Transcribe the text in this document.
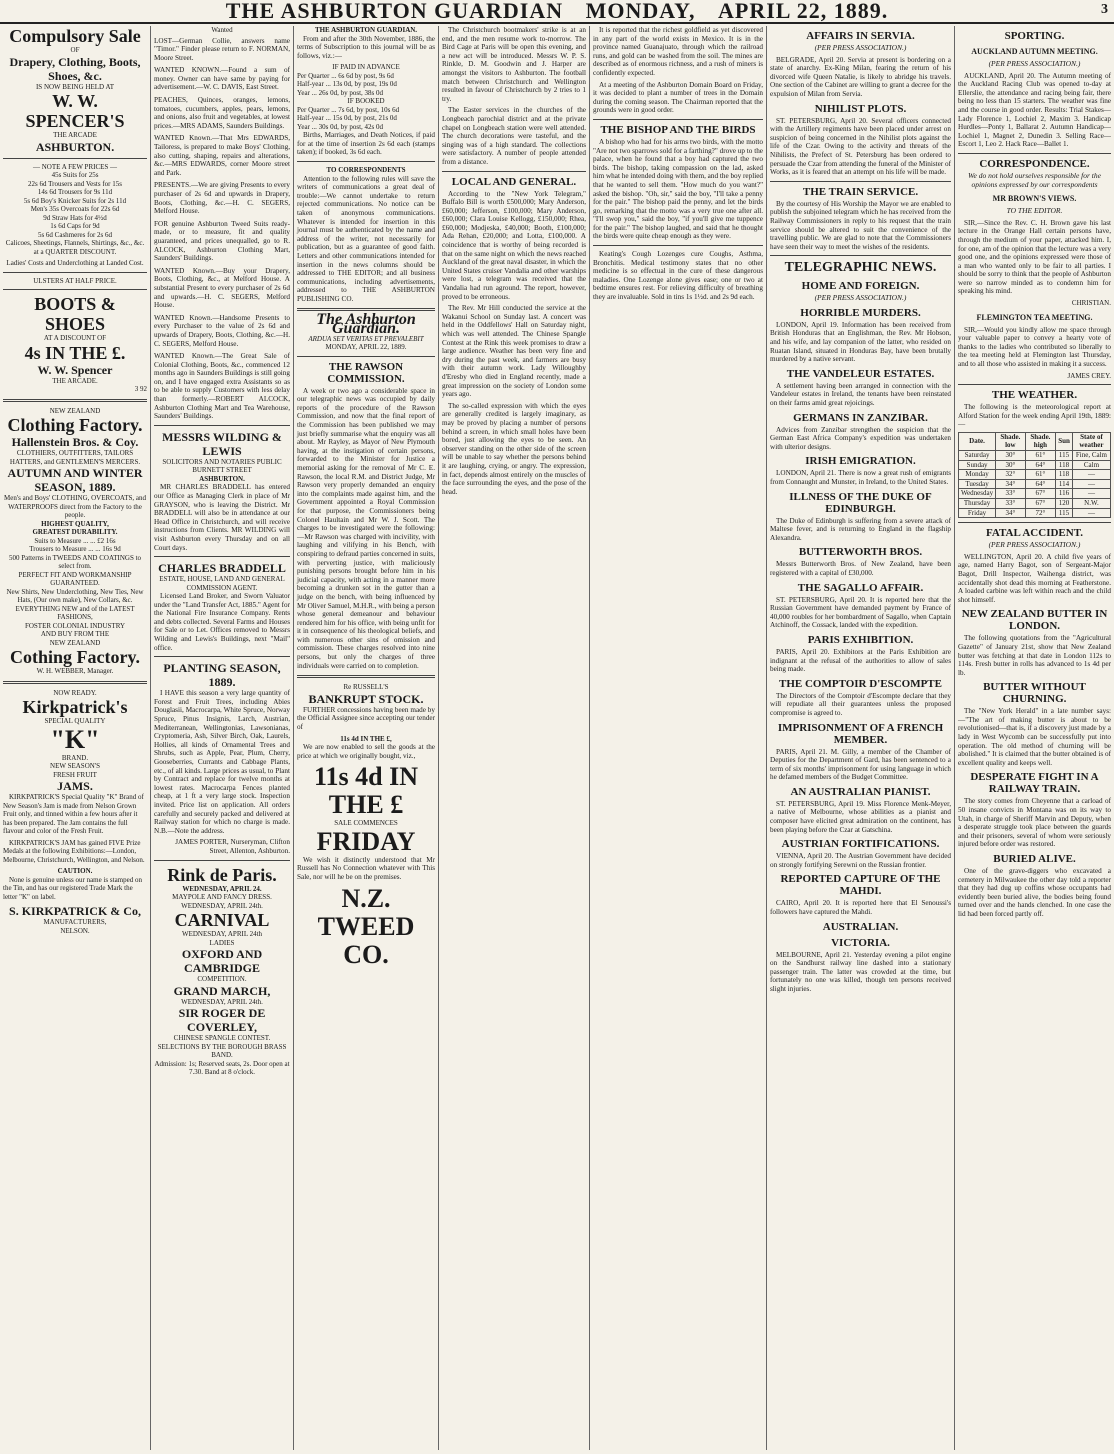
THE ASHBURTON GUARDIAN MONDAY, APRIL 22, 1889.	3
Compulsory Sale
OF
Drapery, Clothing, Boots, Shoes, &c.
IS NOW BEING HELD AT
W. W. SPENCER'S
THE ARCADE
ASHBURTON.
— NOTE A FEW PRICES —
45s Suits for 25s
22s 6d Trousers and Vests for 15s
14s 6d Trousers for 9s 11d
5s 6d Boy's Knicker Suits for 2s 11d
Men's 35s Overcoats for 22s 6d
9d Straw Hats for 4½d
1s 6d Caps for 9d
5s 6d Cashmeres for 2s 6d
Calicoes, Sheetings, Flannels, Shirtings, &c., &c. at a QUARTER DISCOUNT.
Ladies' Costs and Underclothing at Landed Cost.
ULSTERS AT HALF PRICE.
BOOTS & SHOES
AT A DISCOUNT OF
4s IN THE £.
W. W. Spencer
THE ARCADE.
3 92
NEW ZEALAND
Clothing Factory.
Hallenstein Bros. & Coy.
CLOTHIERS, OUTFITTERS, TAILORS HATTERS, and GENTLEMEN'S MERCERS.
AUTUMN AND WINTER
SEASON, 1889.
Men's and Boys' CLOTHING, OVERCOATS, and WATERPROOFS direct from the Factory to the people.
HIGHEST QUALITY,
GREATEST DURABILITY.
Suits to Measure ... ... £2 16s
Trousers to Measure ... ... 16s 9d
500 Patterns in TWEEDS AND COATINGS to select from.
PERFECT FIT AND WORKMANSHIP GUARANTEED.
New Shirts, New Underclothing, New Ties, New Hats, (Our own make), New Collars, &c.
EVERYTHING NEW and of the LATEST FASHIONS,
FOSTER COLONIAL INDUSTRY
AND BUY FROM THE
NEW ZEALAND
Cothing Factory.
W. H. WEBBER, Manager.
NOW READY.
Kirkpatrick's
SPECIAL QUALITY
"K"
BRAND.
NEW SEASON'S
FRESH FRUIT
JAMS.

KIRKPATRICK'S Special Quality "K" Brand of New Season's Jam is made from Nelson Grown Fruit only, and tinned within a few hours after it has been prepared. The Jam contains the full flavour and color of the Fresh Fruit.

KIRKPATRICK'S JAM has gained FIVE Prize Medals at the following Exhibitions:—London, Melbourne, Christchurch, Wellington, and Nelson.

CAUTION.

None is genuine unless our name is stamped on the Tin, and has our registered Trade Mark the letter "K" on label.

S. KIRKPATRICK & Co,
MANUFACTURERS,
NELSON.
Wanted

LOST—German Collie, answers name "Timor." Finder please return to F. NORMAN, Moore Street.

WANTED KNOWN.—Found a sum of money. Owner can have same by paying for advertisement.—W. C. DAVIS, East Street.

PEACHES, Quinces, oranges, lemons, tomatoes, cucumbers, apples, pears, lemons, and onions, also fruit and vegetables, at lowest prices.—MRS ADAMS, Saunders Buildings.

WANTED Known.—That Mrs EDWARDS, Tailoress, is prepared to make Boys' Clothing, also cutting, shaping, repairs and alterations, &c.—MRS EDWARDS, corner Moore street and Park.

PRESENTS.—We are giving Presents to every purchaser of 2s 6d and upwards in Drapery, Boots, Clothing, &c.—H. C. SEGERS, Melford House.

FOR genuine Ashburton Tweed Suits ready-made, or to measure, fit and quality guaranteed, and prices unequalled, go to R. ALCOCK, Ashburton Clothing Mart, Saunders' Buildings.

WANTED Known.—Buy your Drapery, Boots, Clothing, &c., at Melford House. A substantial Present to every purchaser of 2s 6d and upwards.—H. C. SEGERS, Melford House.

WANTED Known.—Handsome Presents to every Purchaser to the value of 2s 6d and upwards of Drapery, Boots, Clothing, &c.—H. C. SEGERS, Melford House.

WANTED Known.—The Great Sale of Colonial Clothing, Boots, &c., commenced 12 months ago in Saunders Buildings is still going on, and I have engaged extra Assistants so as to be able to supply Customers with less delay than formerly.—ROBERT ALCOCK, Ashburton Clothing Mart and Tea Warehouse, Saunders' Buildings.

MESSRS WILDING & LEWIS
SOLICITORS AND NOTARIES PUBLIC
BURNETT STREET
ASHBURTON.

MR CHARLES BRADDELL has entered our Office as Managing Clerk in place of Mr GRAYSON, who is leaving the District. Mr BRADDELL will also be in attendance at our Head Office in Christchurch, and will receive instructions from Clients. MR WILDING will visit Ashburton every Thursday and on all Court days.

CHARLES BRADDELL
ESTATE, HOUSE, LAND AND GENERAL COMMISSION AGENT.

Licensed Land Broker, and Sworn Valuator under the "Land Transfer Act, 1885." Agent for the National Fire Insurance Company. Rents and debts collected. Several Farms and Houses for Sale or to Let. Offices removed to Messrs Wilding and Lewis's Buildings, next "Mail" office.

PLANTING SEASON, 1889.

I HAVE this season a very large quantity of Forest and Fruit Trees, including Abies Douglasii, Macrocarpa, White Spruce, Norway Spruce, Pinus Insignis, Larch, Austrian, Mediterranean, Wellingtonias, Lawsonianas, Cryptomeria, Ash, Silver Birch, Oak, Laurels, Hollies, all kinds of Ornamental Trees and Shrubs, such as Apple, Pear, Plum, Cherry, Gooseberries, Currants and Cabbage Plants, etc., of all kinds. Large prices as usual, to Plant by Contract and replace for twelve months at lowest rates. Macrocarpa Fences planted cheap, at 1 ft a very large stock. Inspection invited. Price list on application. All orders carefully and securely packed and delivered at Railway station for which no charge is made. N.B.—Note the address.

JAMES PORTER, Nurseryman, Clifton Street, Allenton, Ashburton.

Rink de Paris.
WEDNESDAY, APRIL 24.
MAYPOLE AND FANCY DRESS.
WEDNESDAY, APRIL 24th.
CARNIVAL
WEDNESDAY, APRIL 24th
LADIES
OXFORD AND CAMBRIDGE
COMPETITION.
GRAND MARCH,
WEDNESDAY, APRIL 24th.
SIR ROGER DE COVERLEY,
CHINESE SPANGLE CONTEST.
SELECTIONS BY THE BOROUGH BRASS BAND.
Admission: 1s; Reserved seats, 2s. Door open at 7.30. Band at 8 o'clock.
THE ASHBURTON GUARDIAN.

From and after the 30th November, 1886, the terms of Subscription to this journal will be as follows, viz.:—

IF PAID IN ADVANCE
Per Quarter ... 6s 6d by post, 9s 6d
Half-year ... 13s 0d, by post, 19s 0d
Year ... 26s 0d, by post, 38s 0d
IF BOOKED
Per Quarter ... 7s 6d, by post, 10s 6d
Half-year ... 15s 0d, by post, 21s 0d
Year ... 30s 0d, by post, 42s 0d

Births, Marriages, and Death Notices, if paid for at the time of insertion 2s 6d each (stamps taken); if booked, 3s 6d each.

TO CORRESPONDENTS

Attention to the following rules will save the writers of communications a great deal of trouble:—We cannot undertake to return rejected communications. No notice can be taken of anonymous communications. Whatever is intended for insertion in this journal must be authenticated by the name and address of the writer, not necessarily for publication, but as a guarantee of good faith. Letters and other communications intended for insertion in the news columns should be addressed to THE EDITOR; and all business communications, including advertisements, addressed to THE ASHBURTON PUBLISHING CO.

The Ashburton Guardian.
ARDUA SET VERITAS ET PREVALEBIT
MONDAY, APRIL 22, 1889.
THE RAWSON COMMISSION.

A week or two ago a considerable space in our telegraphic news was occupied by daily reports of the procedure of the Rawson Commission, and now that the final report of the Commission has been published we may just briefly summarise what the enquiry was all about. Mr Rayley, as Mayor of New Plymouth having, at the instigation of certain persons, forwarded to the Minister for Justice a memorial asking for the removal of Mr C. E. Rawson, the local R.M. and District Judge, Mr Rawson very properly demanded an enquiry into the complaints made against him, and the Government appointed a Royal Commission for that purpose, the Commissioners being Colonel Haultain and Mr W. J. Scott. The charges to be investigated were the following:—Mr Rawson was charged with incivility, with laughing and vilifying in his Bench, with conspiring to defraud parties concerned in suits, with perverting justice, with maliciously punishing persons brought before him in his judicial capacity, with acting in a manner more becoming a drunken sot in the gutter than a judge on the bench, with being influenced by Mr Oliver Samuel, M.H.R., with being a person whose general demeanour and behaviour rendered him for his office, with being unfit for it in consequence of his theological beliefs, and with numerous other sins of omission and commission. These charges resolved into nine persons, but only the charges of three individuals were carried on to completion.

Re RUSSELL'S
BANKRUPT STOCK.

FURTHER concessions having been made by the Official Assignee since accepting our tender of

11s 4d IN THE £,

We are now enabled to sell the goods at the price at which we originally bought, viz.,

11s 4d IN THE £
SALE COMMENCES
FRIDAY

We wish it distinctly understood that Mr Russell has No Connection whatever with This Sale, nor will he be on the premises.

N.Z. TWEED CO.

The Christchurch bootmakers' strike is at an end, and the men resume work to-morrow. The Bird Cage at Paris will be open this evening, and a new act will be introduced. Messrs W. P. S. Rinkle, D. M. Goodwin and J. Harper are amongst the visitors to Ashburton. The football match between Christchurch and Wellington resulted in favour of Christchurch by 2 tries to 1 try.

The Easter services in the churches of the Longbeach parochial district and at the private chapel on Longbeach station were well attended. The church decorations were tasteful, and the singing was of a high standard. The collections were satisfactory. A number of people attended from a distance.

LOCAL AND GENERAL.

According to the "New York Telegram," Buffalo Bill is worth £500,000; Mary Anderson, £60,000; Jefferson, £100,000; Mary Anderson, £60,000; Clara Louise Kellogg, £150,000; Rhea, £60,000; Modjeska, £40,000; Booth, £100,000; Ada Rehan, £20,000; and Lotta, £100,000. A coincidence that is worthy of being recorded is that on the same night on which the news reached Auckland of the great naval disaster, in which the United States cruiser Vandalia and other warships were lost, a telegram was received that the Vandalia had run aground. The report, however, proved to be erroneous.

The Rev. Mr Hill conducted the service at the Wakanui School on Sunday last. A concert was held in the Oddfellows' Hall on Saturday night, which was well attended. The Chinese Spangle Contest at the Rink this week promises to draw a large audience. Weather has been very fine and dry during the past week, and farmers are busy with their autumn work. Lady Willoughby d'Eresby who died in England recently, made a great impression on the society of London some years ago.

The so-called expression with which the eyes are generally credited is largely imaginary, as may be proved by placing a number of persons behind a screen, in which small holes have been bored, just allowing the eyes to be seen. An observer standing on the other side of the screen will be unable to say whether the persons behind it are laughing, crying, or angry. The expression, in fact, depends almost entirely on the muscles of the face surrounding the eyes, and the pose of the head.

It is reported that the richest goldfield as yet discovered in any part of the world exists in Mexico. It is in the province named Guanajuato, through which the railroad runs, and gold can be washed from the soil. The mines are described as of enormous richness, and a rush of miners is confidently expected.

At a meeting of the Ashburton Domain Board on Friday, it was decided to plant a number of trees in the Domain during the coming season. The Chairman reported that the grounds were in good order.

THE BISHOP AND THE BIRDS

A bishop who had for his arms two birds, with the motto "Are not two sparrows sold for a farthing?" drove up to the palace, when he found that a boy had captured the two birds. The bishop, taking compassion on the lad, asked him what he intended doing with them, and the boy replied that he wanted to sell them. "How much do you want?" asked the bishop. "Oh, sir," said the boy, "I'll take a penny for the pair." The bishop paid the penny, and let the birds go, remarking that the motto was a very true one after all. "I'll swop you," said the boy, "if you'll give me tuppence for the pair." The bishop laughed, and said that he thought the birds were quite cheap enough as they were.

Keating's Cough Lozenges cure Coughs, Asthma, Bronchitis. Medical testimony states that no other medicine is so effectual in the cure of these dangerous maladies. One Lozenge alone gives ease; one or two at bedtime ensures rest. For relieving difficulty of breathing they are invaluable. Sold in tins 1s 1½d. and 2s 9d each.

AFFAIRS IN SERVIA.
(PER PRESS ASSOCIATION.)

BELGRADE, April 20. Servia at present is bordering on a state of anarchy. Ex-King Milan, fearing the return of his divorced wife Queen Natalie, is likely to abridge his travels. One section of the Cabinet are willing to grant a decree for the expulsion of Milan from Servia.

NIHILIST PLOTS.

ST. PETERSBURG, April 20. Several officers connected with the Artillery regiments have been placed under arrest on suspicion of being concerned in the Nihilist plots against the life of the Czar. Owing to the activity and threats of the Nihilists, the Prefect of St. Petersburg has been ordered to persuade the Czar from attending the funeral of the Minister of Works, as it is feared that an attempt on his life will be made.

THE TRAIN SERVICE.

By the courtesy of His Worship the Mayor we are enabled to publish the subjoined telegram which he has received from the Railway Commissioners in reply to his request that the train service should be altered to suit the convenience of the travelling public. We are glad to note that the Commissioners have seen their way to meet the wishes of the residents.

TELEGRAPHIC NEWS.
HOME AND FOREIGN.
(PER PRESS ASSOCIATION.)
HORRIBLE MURDERS.

LONDON, April 19. Information has been received from British Honduras that an Englishman, the Rev. Mr Hobson, and his wife, and lay companion of the latter, who resided on Ruatan Island, situated in Honduras Bay, have been brutally murdered by a native servant.

THE VANDELEUR ESTATES.

A settlement having been arranged in connection with the Vandeleur estates in Ireland, the tenants have been reinstated on their farms amid great rejoicings.

GERMANS IN ZANZIBAR.

Advices from Zanzibar strengthen the suspicion that the German East Africa Company's expedition was undertaken with ulterior designs.

IRISH EMIGRATION.

LONDON, April 21. There is now a great rush of emigrants from Connaught and Munster, in Ireland, to the United States.

ILLNESS OF THE DUKE OF EDINBURGH.

The Duke of Edinburgh is suffering from a severe attack of Maltese fever, and is returning to England in the flagship Alexandra.

BUTTERWORTH BROS.

Messrs Butterworth Bros. of New Zealand, have been registered with a capital of £30,000.

THE SAGALLO AFFAIR.

ST. PETERSBURG, April 20. It is reported here that the Russian Government have demanded payment by France of 40,000 roubles for her bombardment of Sagallo, when Captain Atchinoff, the Cossack, landed with the expedition.

PARIS EXHIBITION.

PARIS, April 20. Exhibitors at the Paris Exhibition are indignant at the refusal of the authorities to allow of sales being made.

THE COMPTOIR D'ESCOMPTE

The Directors of the Comptoir d'Escompte declare that they will repudiate all their guarantees unless the proposed compromise is agreed to.

IMPRISONMENT OF A FRENCH MEMBER.

PARIS, April 21. M. Gilly, a member of the Chamber of Deputies for the Department of Gard, has been sentenced to a term of six months' imprisonment for using language in which he defamed members of the Budget Committee.

AN AUSTRALIAN PIANIST.

ST. PETERSBURG, April 19. Miss Florence Menk-Meyer, a native of Melbourne, whose abilities as a pianist and composer have elicited great admiration on the continent, has been playing before the Czar at Gatschina.

AUSTRIAN FORTIFICATIONS.

VIENNA, April 20. The Austrian Government have decided on strongly fortifying Serewni on the Russian frontier.

REPORTED CAPTURE OF THE MAHDI.

CAIRO, April 20. It is reported here that El Senoussi's followers have captured the Mahdi.

AUSTRALIAN.
VICTORIA.

MELBOURNE, April 21. Yesterday evening a pilot engine on the Sandhurst railway line dashed into a stationary passenger train. The latter was crowded at the time, but fortunately no one was killed, though ten persons received slight injuries.

SPORTING.
AUCKLAND AUTUMN MEETING.
(PER PRESS ASSOCIATION.)

AUCKLAND, April 20. The Autumn meeting of the Auckland Racing Club was opened to-day at Ellerslie, the attendance and racing being fair, there being no less than 15 starters. The weather was fine and the course in good order. Results: Trial Stakes—Lady Florence 1, Lochiel 2, Maxim 3. Handicap Hurdles—Ponty 1, Ballarat 2. Autumn Handicap—Lochiel 1, Magnet 2, Dunedin 3. Selling Race—Escort 1, Leo 2. Hack Race—Ballet 1.

CORRESPONDENCE.
We do not hold ourselves responsible for the opinions expressed by our correspondents
MR BROWN'S VIEWS.
TO THE EDITOR.

SIR,—Since the Rev. C. H. Brown gave his last lecture in the Orange Hall certain persons have, through the medium of your paper, attacked him. I, for one, am of the opinion that the lecture was a very good one, and the opinions expressed were those of a man who wanted only to be fair to all parties. I should be sorry to think that the people of Ashburton were so narrow minded as to condemn him for speaking his mind.

CHRISTIAN.
FLEMINGTON TEA MEETING.

SIR,—Would you kindly allow me space through your valuable paper to convey a hearty vote of thanks to the ladies who contributed so liberally to the tea meeting held at Flemington last Thursday, and to all those who assisted in making it a success.

JAMES CREY.
THE WEATHER.

The following is the meteorological report at Alford Station for the week ending April 19th, 1889:—

Date.	Shade. low	Shade. high	Sun	State of weather
Saturday	30°	61°	115	Fine, Calm
Sunday	30°	64°	118	Calm
Monday	32°	61°	118	—
Tuesday	34°	64°	114	—
Wednesday	33°	67°	116	—
Thursday	33°	67°	120	N.W.
Friday	34°	72°	115	—
FATAL ACCIDENT.
(PER PRESS ASSOCIATION.)

WELLINGTON, April 20. A child five years of age, named Harry Bagot, son of Sergeant-Major Bagot, Drill Inspector, Waihenga district, was accidentally shot dead this morning at Featherstone. A loaded carbine was left within reach and the child shot himself.

NEW ZEALAND BUTTER IN LONDON.

The following quotations from the "Agricultural Gazette" of January 21st, show that New Zealand butter was fetching at that date in London 112s to 114s. Fresh butter in rolls has advanced to 1s 4d per lb.

BUTTER WITHOUT CHURNING.

The "New York Herald" in a late number says:—"The art of making butter is about to be revolutionised—that is, if a discovery just made by a lady in West Wycomb can be successfully put into operation. The old method of churning will be abolished." It is claimed that the butter obtained is of excellent quality and keeps well.

DESPERATE FIGHT IN A RAILWAY TRAIN.

The story comes from Cheyenne that a carload of 50 insane convicts in Montana was on its way to Utah, in charge of Sheriff Marvin and Deputy, when a desperate struggle took place between the guards and their prisoners, several of whom were seriously injured before order was restored.

BURIED ALIVE.

One of the grave-diggers who excavated a cemetery in Milwaukee the other day told a reporter that they had dug up coffins whose occupants had evidently been buried alive, the bodies being found turned over and the hands clenched. In one case the lid had been forced partly off.
